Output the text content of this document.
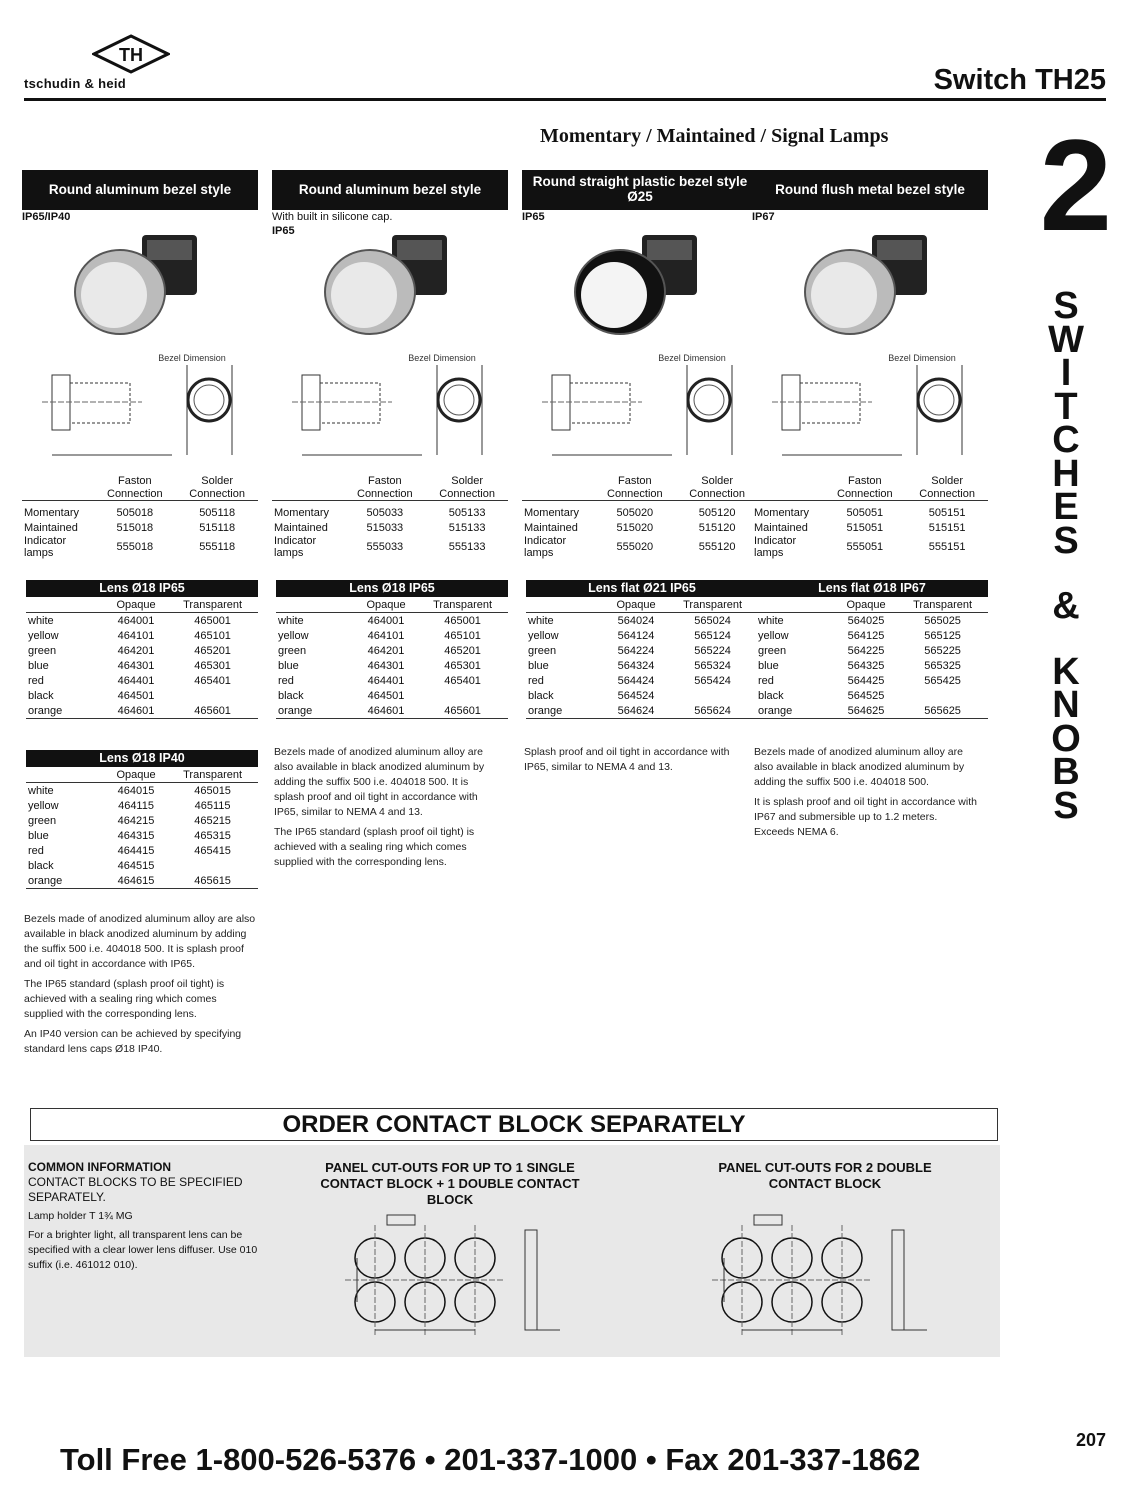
TH
tschudin & heid	Switch TH25
Momentary / Maintained / Signal Lamps 2
S
W
I
T
C
H
E
S
&
K
N
O
B
S
Round aluminum bezel style
IP65/IP40
Bezel Dimension
	Faston Connection	Solder Connection

Momentary	505018	505118
Maintained	515018	515118
Indicator lamps	555018	555118
Lens Ø18 IP65
	Opaque	Transparent
white	464001	465001
yellow	464101	465101
green	464201	465201
blue	464301	465301
red	464401	465401
black	464501	
orange	464601	465601

Lens Ø18 IP40
	Opaque	Transparent
white	464015	465015
yellow	464115	465115
green	464215	465215
blue	464315	465315
red	464415	465415
black	464515	
orange	464615	465615

Bezels made of anodized aluminum alloy are also available in black anodized aluminum by adding the suffix 500 i.e. 404018 500. It is splash proof and oil tight in accordance with IP65.

The IP65 standard (splash proof oil tight) is achieved with a sealing ring which comes supplied with the corresponding lens.

An IP40 version can be achieved by specifying standard lens caps Ø18 IP40.

Round aluminum bezel style
With built in silicone cap.
IP65
Bezel Dimension
	Faston Connection	Solder Connection

Momentary	505033	505133
Maintained	515033	515133
Indicator lamps	555033	555133
Lens Ø18 IP65
	Opaque	Transparent
white	464001	465001
yellow	464101	465101
green	464201	465201
blue	464301	465301
red	464401	465401
black	464501	
orange	464601	465601

Bezels made of anodized aluminum alloy are also available in black anodized aluminum by adding the suffix 500 i.e. 404018 500. It is splash proof and oil tight in accordance with IP65, similar to NEMA 4 and 13.

The IP65 standard (splash proof oil tight) is achieved with a sealing ring which comes supplied with the corresponding lens.

Round straight plastic bezel style Ø25
IP65
Bezel Dimension
	Faston Connection	Solder Connection

Momentary	505020	505120
Maintained	515020	515120
Indicator lamps	555020	555120
Lens flat Ø21 IP65
	Opaque	Transparent
white	564024	565024
yellow	564124	565124
green	564224	565224
blue	564324	565324
red	564424	565424
black	564524	
orange	564624	565624

Splash proof and oil tight in accordance with IP65, similar to NEMA 4 and 13.

Round flush metal bezel style
IP67
Bezel Dimension
	Faston Connection	Solder Connection

Momentary	505051	505151
Maintained	515051	515151
Indicator lamps	555051	555151
Lens flat Ø18 IP67
	Opaque	Transparent
white	564025	565025
yellow	564125	565125
green	564225	565225
blue	564325	565325
red	564425	565425
black	564525	
orange	564625	565625

Bezels made of anodized aluminum alloy are also available in black anodized aluminum by adding the suffix 500 i.e. 404018 500.

It is splash proof and oil tight in accordance with IP67 and submersible up to 1.2 meters. Exceeds NEMA 6.

ORDER CONTACT BLOCK SEPARATELY
COMMON INFORMATION
CONTACT BLOCKS TO BE SPECIFIED SEPARATELY.
Lamp holder T 1¾ MG
For a brighter light, all transparent lens can be specified with a clear lower lens diffuser. Use 010 suffix (i.e. 461012 010).
PANEL CUT-OUTS FOR UP TO 1 SINGLE CONTACT BLOCK + 1 DOUBLE CONTACT BLOCK
PANEL CUT-OUTS FOR 2 DOUBLE CONTACT BLOCK
Toll Free 1-800-526-5376 • 201-337-1000 • Fax 201-337-1862
207
